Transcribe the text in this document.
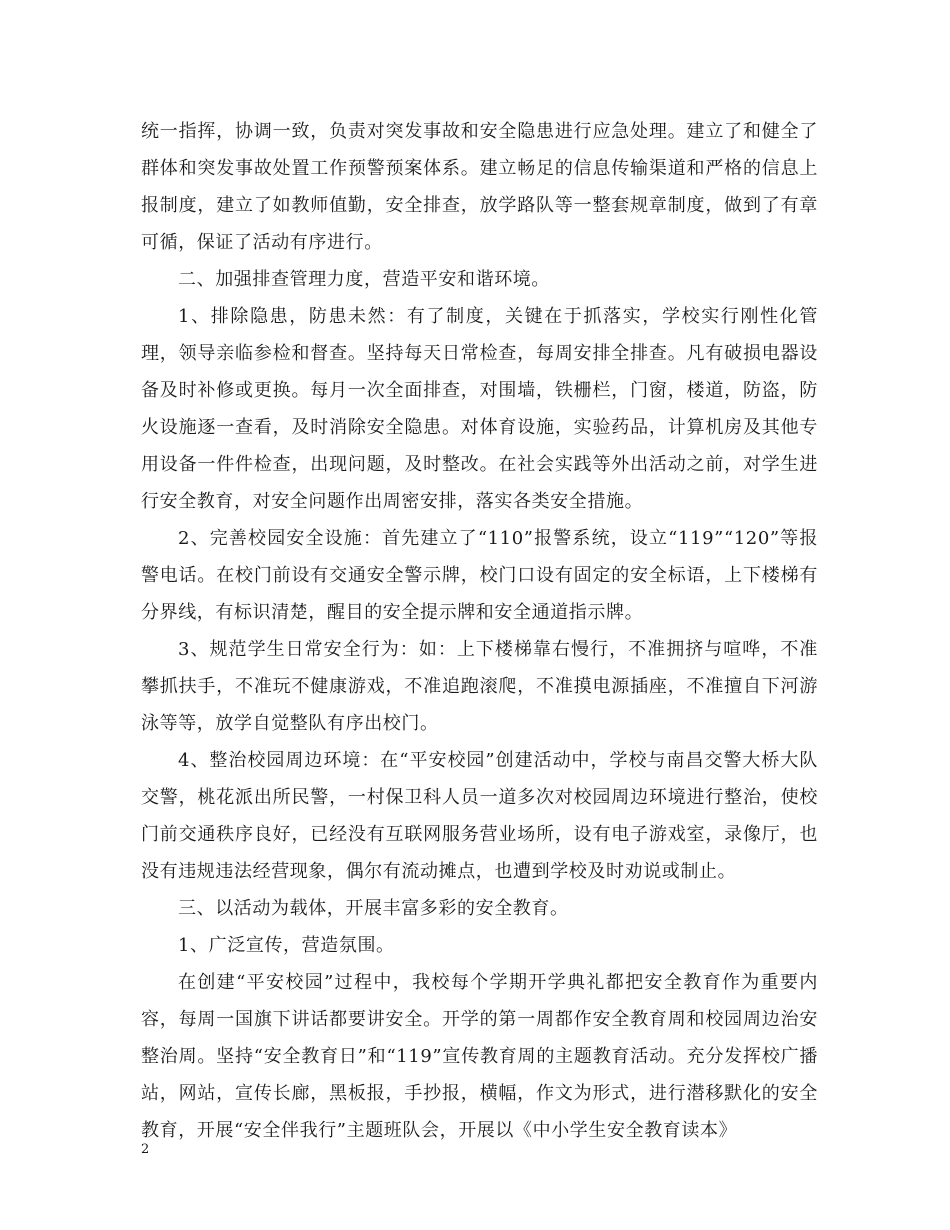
统一指挥，协调一致，负责对突发事故和安全隐患进行应急处理。建立了和健全了群体和突发事故处置工作预警预案体系。建立畅足的信息传输渠道和严格的信息上报制度，建立了如教师值勤，安全排查，放学路队等一整套规章制度，做到了有章可循，保证了活动有序进行。

二、加强排查管理力度，营造平安和谐环境。

1、排除隐患，防患未然：有了制度，关键在于抓落实，学校实行刚性化管理，领导亲临参检和督查。坚持每天日常检查，每周安排全排查。凡有破损电器设备及时补修或更换。每月一次全面排查，对围墙，铁栅栏，门窗，楼道，防盗，防火设施逐一查看，及时消除安全隐患。对体育设施，实验药品，计算机房及其他专用设备一件件检查，出现问题，及时整改。在社会实践等外出活动之前，对学生进行安全教育，对安全问题作出周密安排，落实各类安全措施。

2、完善校园安全设施：首先建立了“110”报警系统，设立“119”“120”等报警电话。在校门前设有交通安全警示牌，校门口设有固定的安全标语，上下楼梯有分界线，有标识清楚，醒目的安全提示牌和安全通道指示牌。

3、规范学生日常安全行为：如：上下楼梯靠右慢行，不准拥挤与喧哗，不准攀抓扶手，不准玩不健康游戏，不准追跑滚爬，不准摸电源插座，不准擅自下河游泳等等，放学自觉整队有序出校门。

4、整治校园周边环境：在“平安校园”创建活动中，学校与南昌交警大桥大队交警，桃花派出所民警，一村保卫科人员一道多次对校园周边环境进行整治，使校门前交通秩序良好，已经没有互联网服务营业场所，设有电子游戏室，录像厅，也没有违规违法经营现象，偶尔有流动摊点，也遭到学校及时劝说或制止。

三、以活动为载体，开展丰富多彩的安全教育。

1、广泛宣传，营造氛围。

在创建“平安校园”过程中，我校每个学期开学典礼都把安全教育作为重要内容，每周一国旗下讲话都要讲安全。开学的第一周都作安全教育周和校园周边治安整治周。坚持“安全教育日”和“119”宣传教育周的主题教育活动。充分发挥校广播站，网站，宣传长廊，黑板报，手抄报，横幅，作文为形式，进行潜移默化的安全教育，开展“安全伴我行”主题班队会，开展以《中小学生安全教育读本》

2
